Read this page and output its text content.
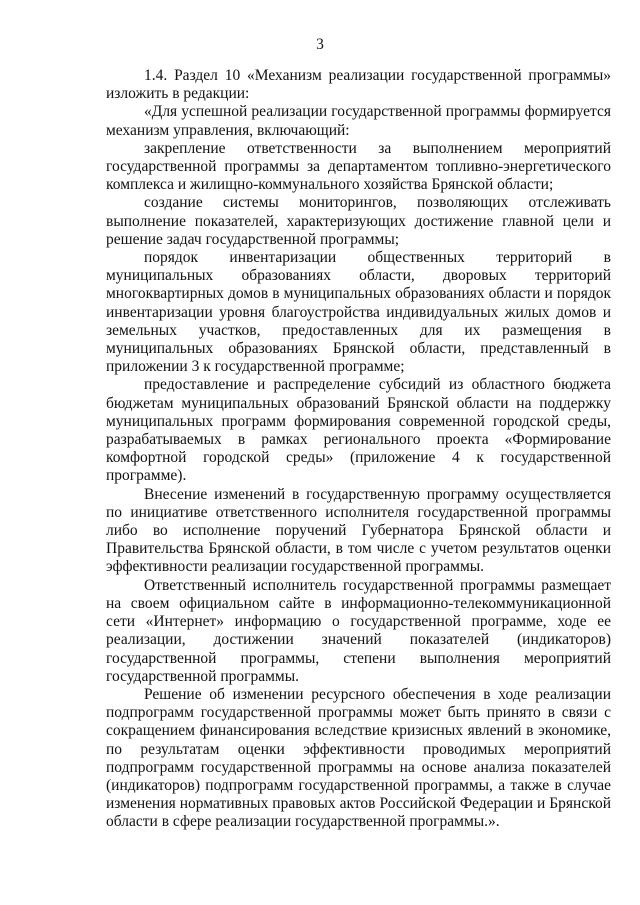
3

1.4. Раздел 10 «Механизм реализации государственной программы» изложить в редакции:

«Для успешной реализации государственной программы формируется механизм управления, включающий:

закрепление ответственности за выполнением мероприятий государственной программы за департаментом топливно-энергетического комплекса и жилищно-коммунального хозяйства Брянской области;

создание системы мониторингов, позволяющих отслеживать выполнение показателей, характеризующих достижение главной цели и решение задач государственной программы;

порядок инвентаризации общественных территорий в муниципальных образованиях области, дворовых территорий многоквартирных домов в муниципальных образованиях области и порядок инвентаризации уровня благоустройства индивидуальных жилых домов и земельных участков, предоставленных для их размещения в муниципальных образованиях Брянской области, представленный в приложении 3 к государственной программе;

предоставление и распределение субсидий из областного бюджета бюджетам муниципальных образований Брянской области на поддержку муниципальных программ формирования современной городской среды, разрабатываемых в рамках регионального проекта «Формирование комфортной городской среды» (приложение 4 к государственной программе).

Внесение изменений в государственную программу осуществляется по инициативе ответственного исполнителя государственной программы либо во исполнение поручений Губернатора Брянской области и Правительства Брянской области, в том числе с учетом результатов оценки эффективности реализации государственной программы.

Ответственный исполнитель государственной программы размещает на своем официальном сайте в информационно-телекоммуникационной сети «Интернет» информацию о государственной программе, ходе ее реализации, достижении значений показателей (индикаторов) государственной программы, степени выполнения мероприятий государственной программы.

Решение об изменении ресурсного обеспечения в ходе реализации подпрограмм государственной программы может быть принято в связи с сокращением финансирования вследствие кризисных явлений в экономике, по результатам оценки эффективности проводимых мероприятий подпрограмм государственной программы на основе анализа показателей (индикаторов) подпрограмм государственной программы, а также в случае изменения нормативных правовых актов Российской Федерации и Брянской области в сфере реализации государственной программы.».
